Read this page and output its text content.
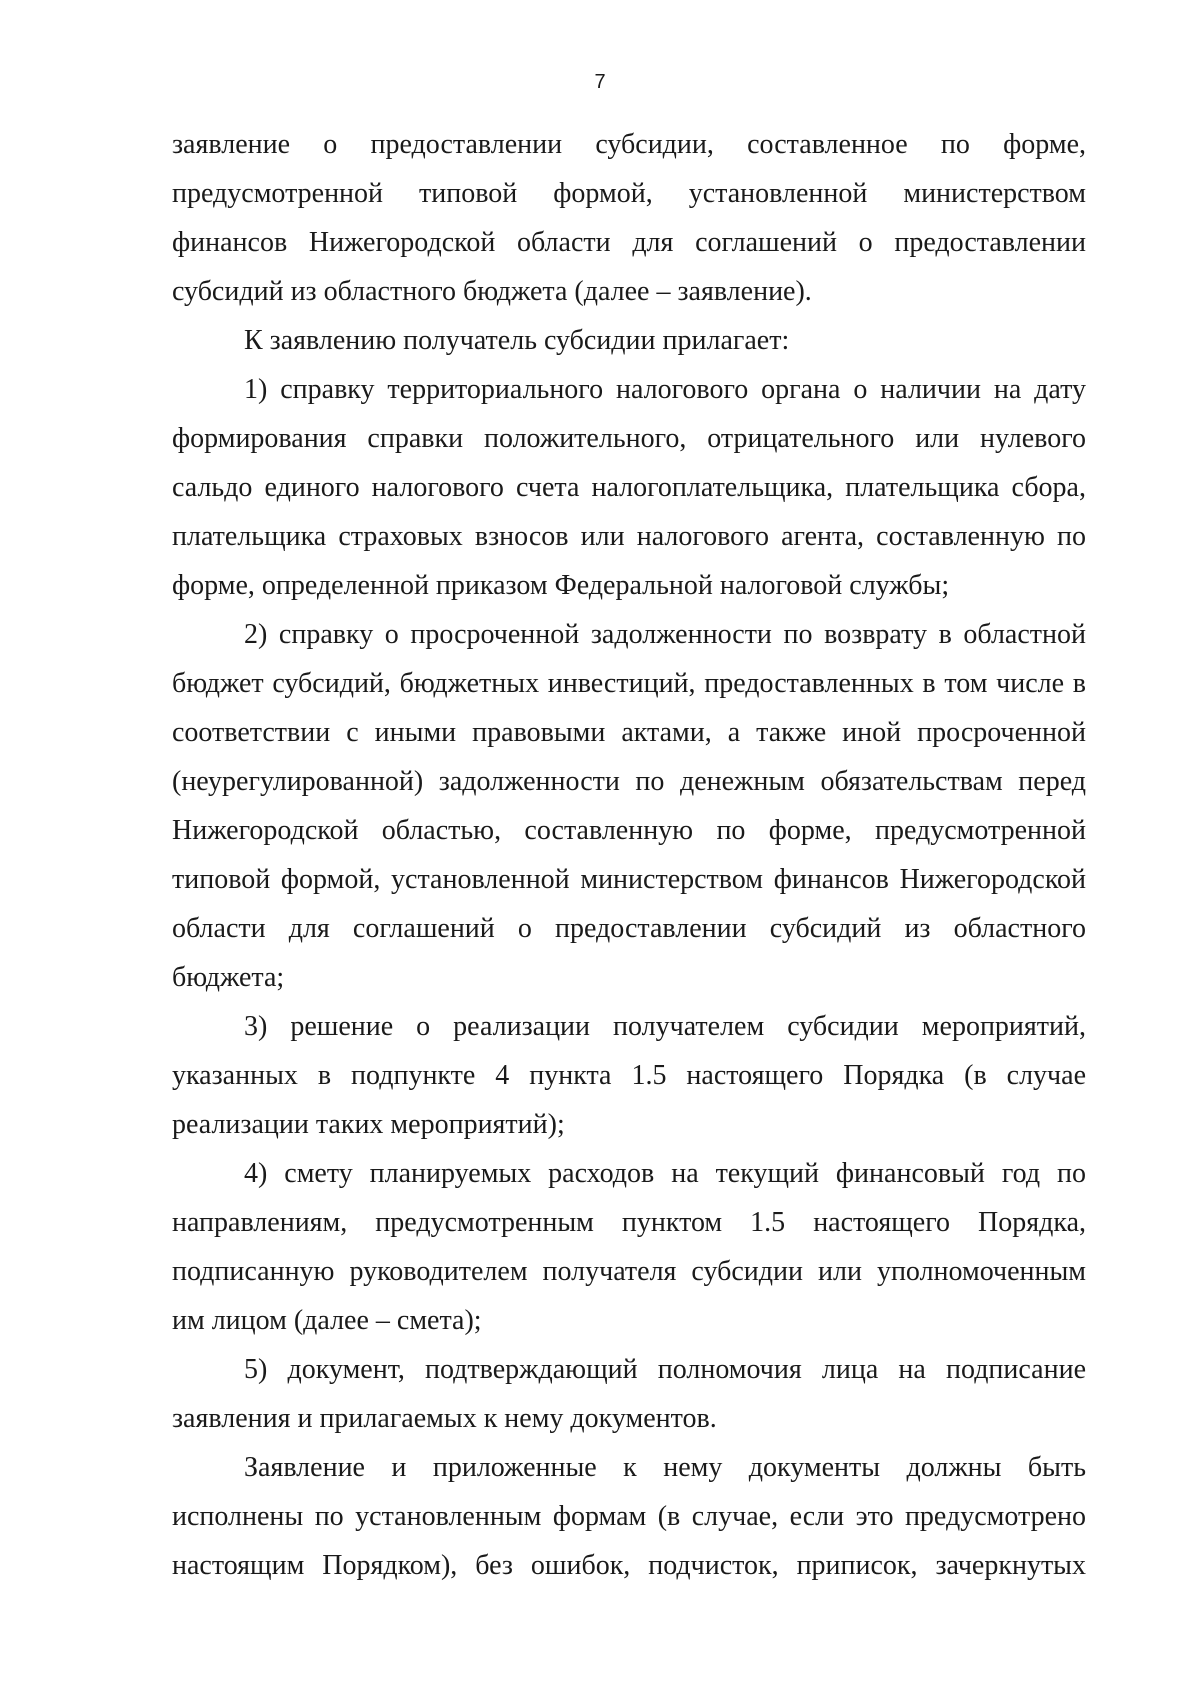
7
заявление о предоставлении субсидии, составленное по форме,
предусмотренной типовой формой, установленной министерством
финансов Нижегородской области для соглашений о предоставлении
субсидий из областного бюджета (далее – заявление).
К заявлению получатель субсидии прилагает:
1) справку территориального налогового органа о наличии на дату
формирования справки положительного, отрицательного или нулевого
сальдо единого налогового счета налогоплательщика, плательщика сбора,
плательщика страховых взносов или налогового агента, составленную по
форме, определенной приказом Федеральной налоговой службы;
2) справку о просроченной задолженности по возврату в областной
бюджет субсидий, бюджетных инвестиций, предоставленных в том числе в
соответствии с иными правовыми актами, а также иной просроченной
(неурегулированной) задолженности по денежным обязательствам перед
Нижегородской областью, составленную по форме, предусмотренной
типовой формой, установленной министерством финансов Нижегородской
области для соглашений о предоставлении субсидий из областного
бюджета;
3) решение о реализации получателем субсидии мероприятий,
указанных в подпункте 4 пункта 1.5 настоящего Порядка (в случае
реализации таких мероприятий);
4) смету планируемых расходов на текущий финансовый год по
направлениям, предусмотренным пунктом 1.5 настоящего Порядка,
подписанную руководителем получателя субсидии или уполномоченным
им лицом (далее – смета);
5) документ, подтверждающий полномочия лица на подписание
заявления и прилагаемых к нему документов.
Заявление и приложенные к нему документы должны быть
исполнены по установленным формам (в случае, если это предусмотрено
настоящим Порядком), без ошибок, подчисток, приписок, зачеркнутых
